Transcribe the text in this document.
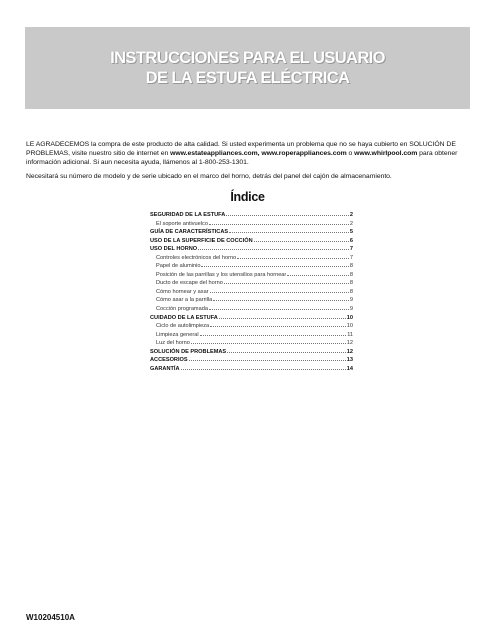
INSTRUCCIONES PARA EL USUARIO
DE LA ESTUFA ELÉCTRICA

LE AGRADECEMOS la compra de este producto de alta calidad. Si usted experimenta un problema que no se haya cubierto en SOLUCIÓN DE PROBLEMAS, visite nuestro sitio de internet en www.estateappliances.com, www.roperappliances.com o www.whirlpool.com para obtener información adicional. Si aun necesita ayuda, llámenos al 1-800-253-1301.

Necesitará su número de modelo y de serie ubicado en el marco del horno, detrás del panel del cajón de almacenamiento.

Índice
SEGURIDAD DE LA ESTUFA	2
El soporte antivuelco	2
GUÍA DE CARACTERÍSTICAS	5
USO DE LA SUPERFICIE DE COCCIÓN	6
USO DEL HORNO	7
Controles electrónicos del horno	7
Papel de aluminio	8
Posición de las parrillas y los utensilios para hornear	8
Ducto de escape del horno	8
Cómo hornear y asar	8
Cómo asar a la parrilla	9
Cocción programada	9
CUIDADO DE LA ESTUFA	10
Ciclo de autolimpieza	10
Limpieza general	11
Luz del horno	12
SOLUCIÓN DE PROBLEMAS	12
ACCESORIOS	13
GARANTÍA	14
W10204510A
